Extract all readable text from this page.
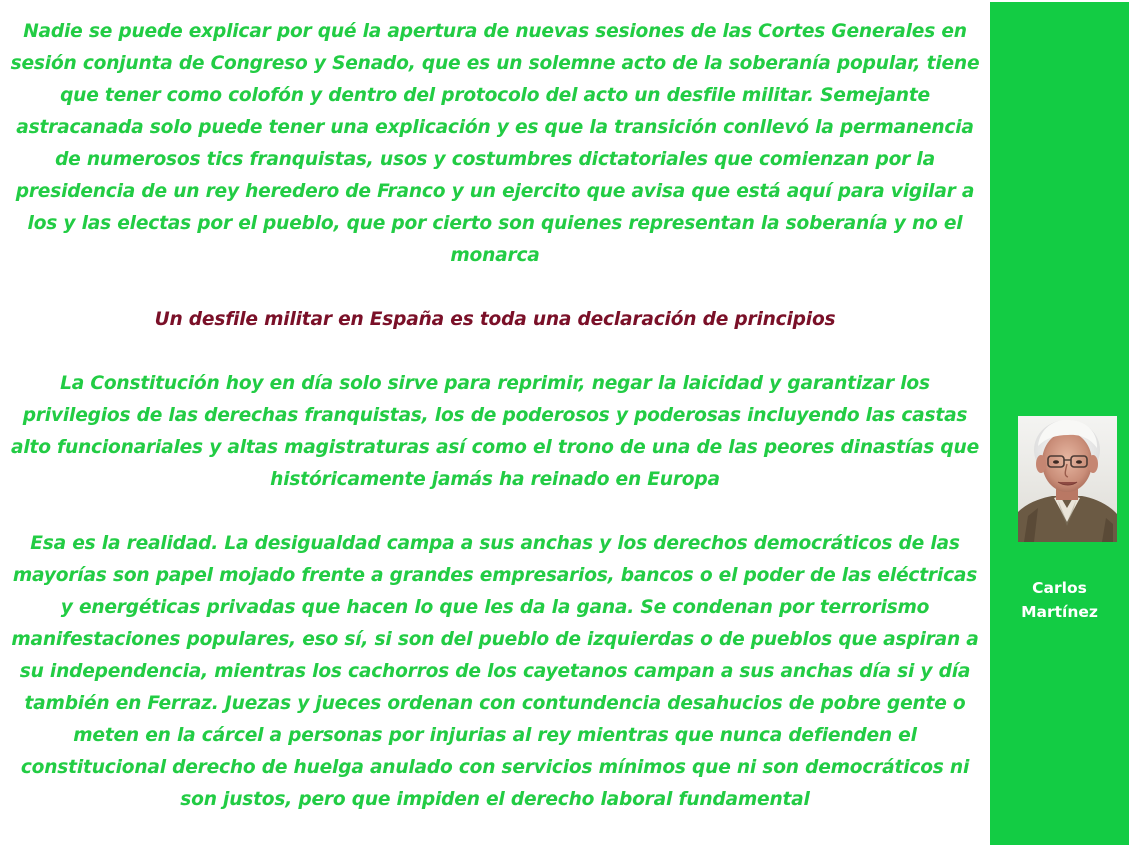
Nadie se puede explicar por qué la apertura de nuevas sesiones de las Cortes Generales en sesión conjunta de Congreso y Senado, que es un solemne acto de la soberanía popular, tiene que tener como colofón y dentro del protocolo del acto un desfile militar. Semejante astracanada solo puede tener una explicación y es que la transición conllevó la permanencia de numerosos tics franquistas, usos y costumbres dictatoriales que comienzan por la presidencia de un rey heredero de Franco y un ejercito que avisa que está aquí para vigilar a los y las electas por el pueblo, que por cierto son quienes representan la soberanía y no el monarca

Un desfile militar en España es toda una declaración de principios

La Constitución hoy en día solo sirve para reprimir, negar la laicidad y garantizar los privilegios de las derechas franquistas, los de poderosos y poderosas incluyendo las castas alto funcionariales y altas magistraturas así como el trono de una de las peores dinastías que históricamente jamás ha reinado en Europa

Esa es la realidad. La desigualdad campa a sus anchas y los derechos democráticos de las mayorías son papel mojado frente a grandes empresarios, bancos o el poder de las eléctricas y energéticas privadas que hacen lo que les da la gana. Se condenan por terrorismo manifestaciones populares, eso sí, si son del pueblo de izquierdas o de pueblos que aspiran a su independencia, mientras los cachorros de los cayetanos campan a sus anchas día si y día también en Ferraz. Juezas y jueces ordenan con contundencia desahucios de pobre gente o meten en la cárcel a personas por injurias al rey mientras que nunca defienden el constitucional derecho de huelga anulado con servicios mínimos que ni son democráticos ni son justos, pero que impiden el derecho laboral fundamental

Carlos
Martínez
